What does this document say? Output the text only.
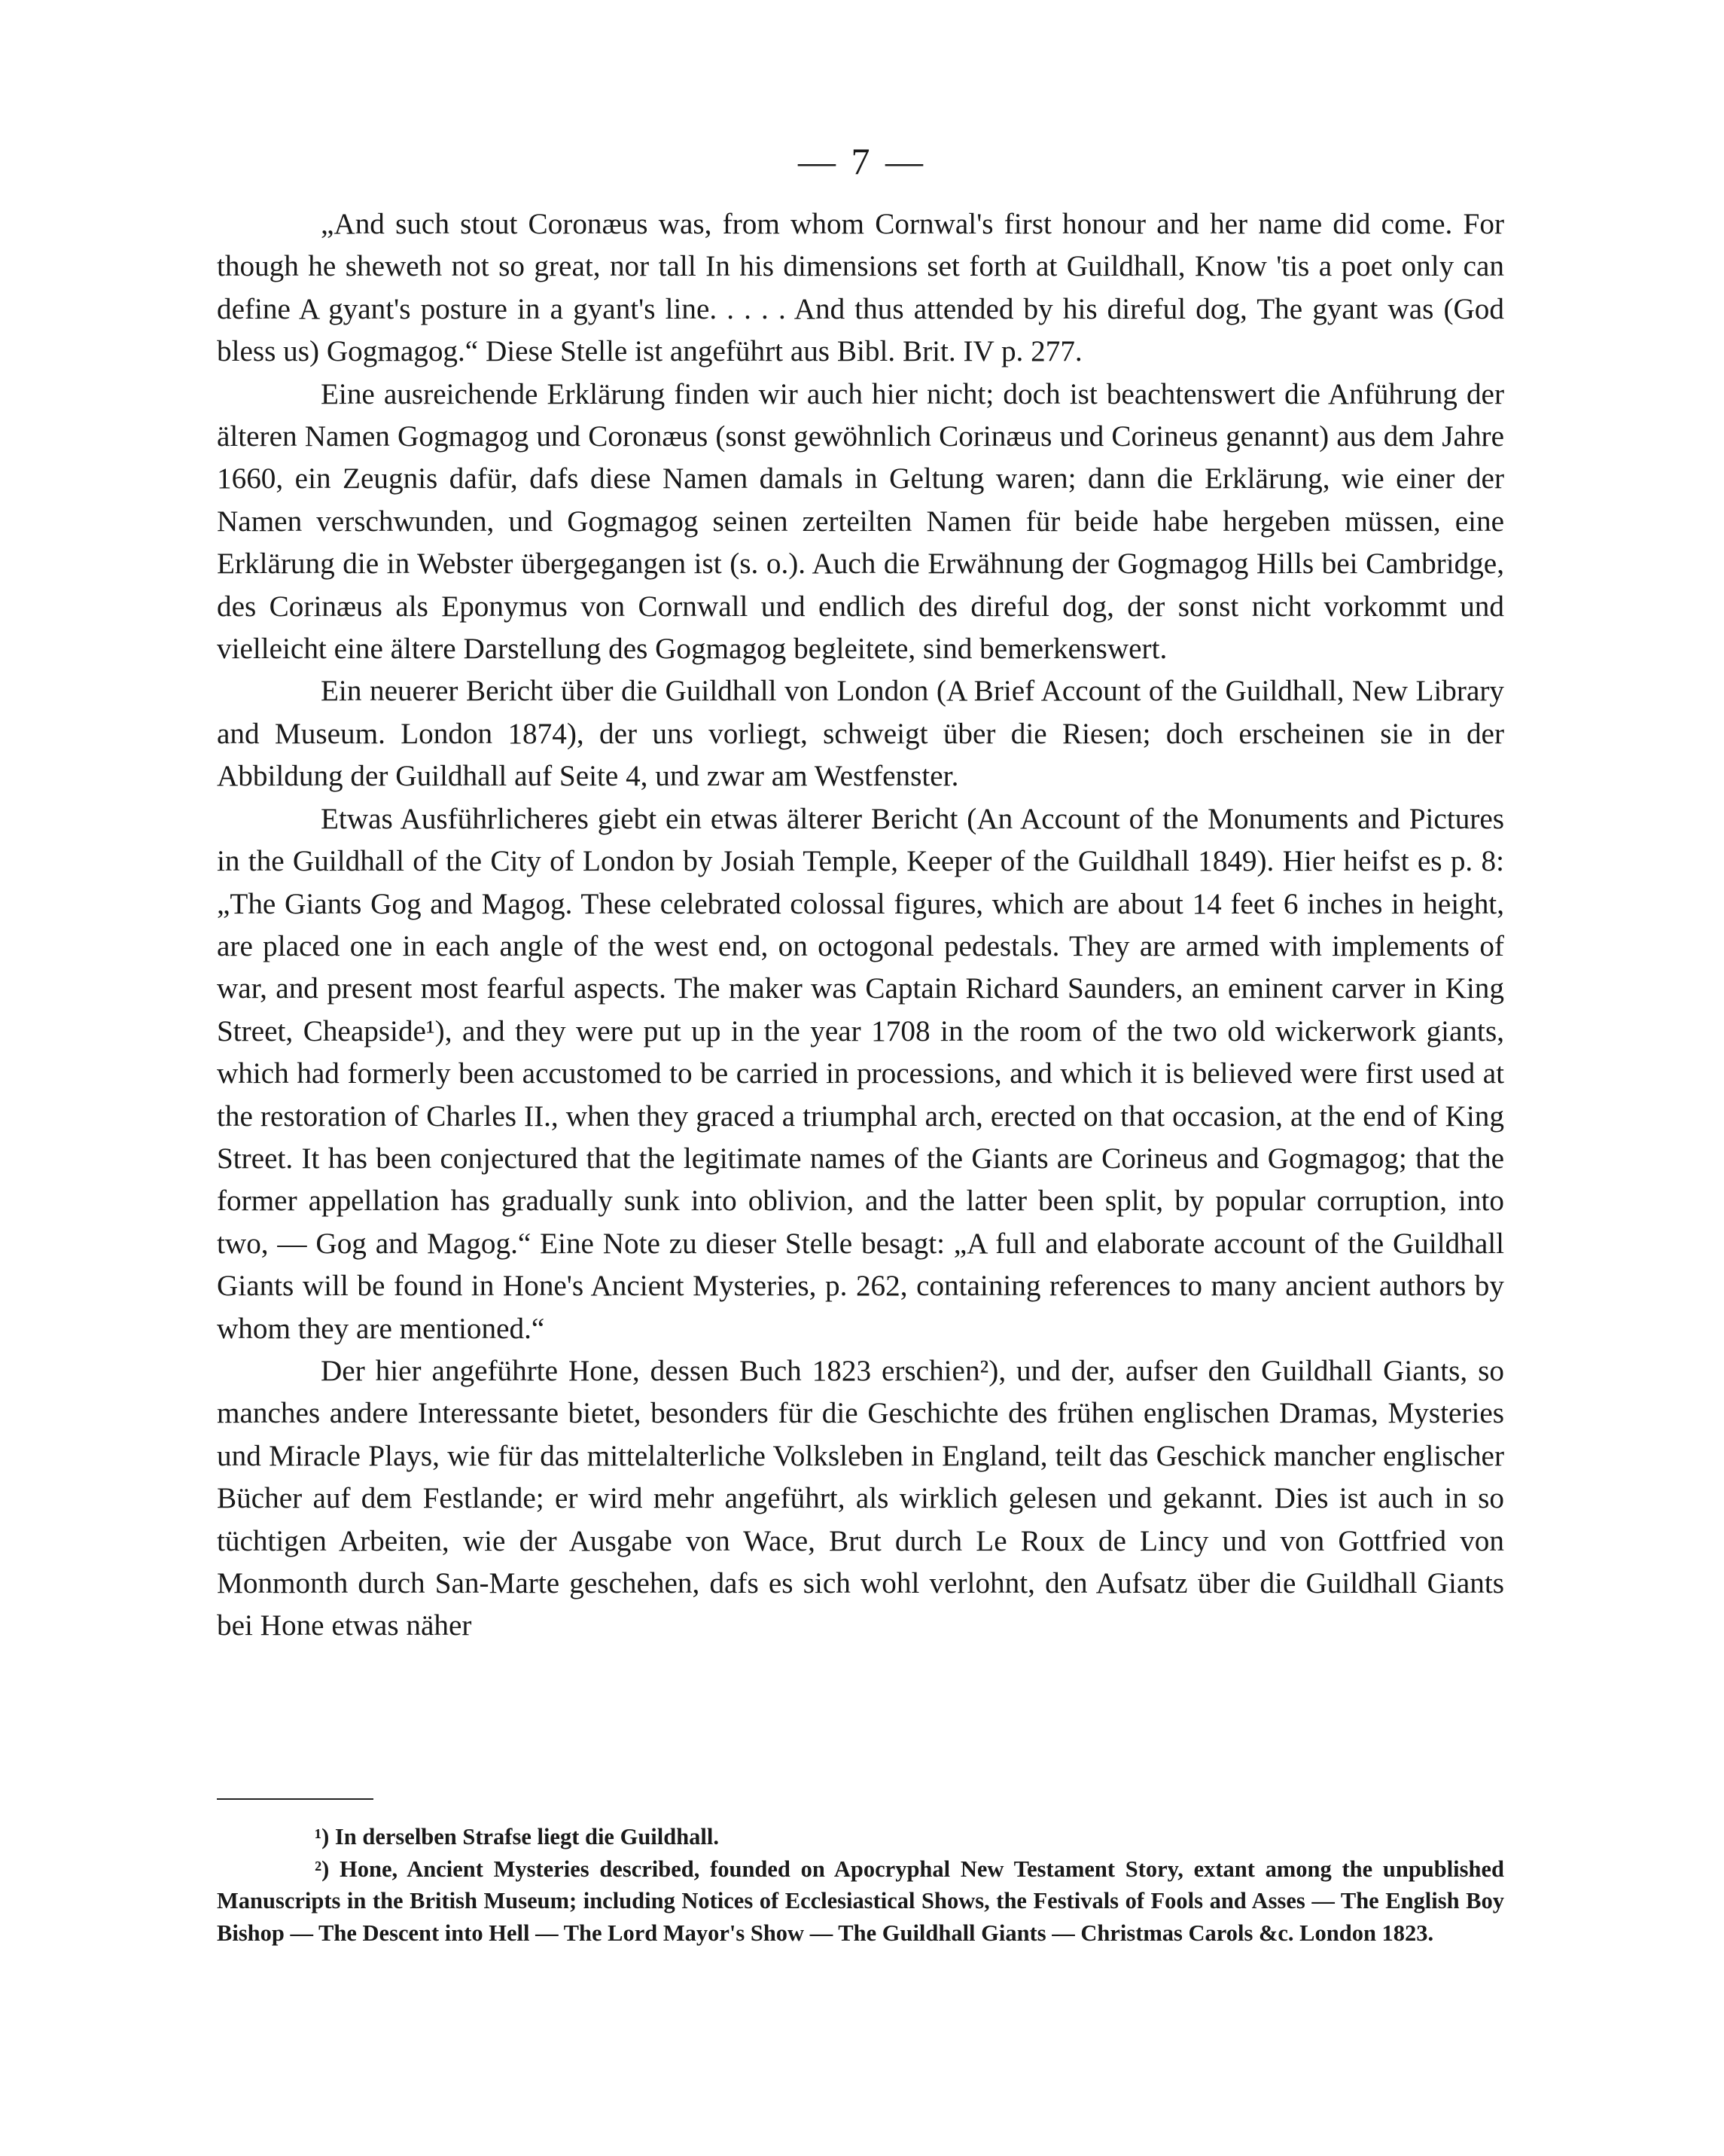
— 7 —

„And such stout Coronæus was, from whom Cornwal's first honour and her name did come. For though he sheweth not so great, nor tall In his dimensions set forth at Guildhall, Know 'tis a poet only can define A gyant's posture in a gyant's line. . . . . And thus attended by his direful dog, The gyant was (God bless us) Gogmagog.“ Diese Stelle ist angeführt aus Bibl. Brit. IV p. 277.

Eine ausreichende Erklärung finden wir auch hier nicht; doch ist beachtenswert die Anführung der älteren Namen Gogmagog und Coronæus (sonst gewöhnlich Corinæus und Corineus genannt) aus dem Jahre 1660, ein Zeugnis dafür, dafs diese Namen damals in Geltung waren; dann die Erklärung, wie einer der Namen verschwunden, und Gogmagog seinen zerteilten Namen für beide habe hergeben müssen, eine Erklärung die in Webster übergegangen ist (s. o.). Auch die Erwähnung der Gogmagog Hills bei Cambridge, des Corinæus als Eponymus von Cornwall und endlich des direful dog, der sonst nicht vorkommt und vielleicht eine ältere Darstellung des Gogmagog begleitete, sind bemerkenswert.

Ein neuerer Bericht über die Guildhall von London (A Brief Account of the Guildhall, New Library and Museum. London 1874), der uns vorliegt, schweigt über die Riesen; doch erscheinen sie in der Abbildung der Guildhall auf Seite 4, und zwar am Westfenster.

Etwas Ausführlicheres giebt ein etwas älterer Bericht (An Account of the Monuments and Pictures in the Guildhall of the City of London by Josiah Temple, Keeper of the Guildhall 1849). Hier heifst es p. 8: „The Giants Gog and Magog. These celebrated colossal figures, which are about 14 feet 6 inches in height, are placed one in each angle of the west end, on octogonal pedestals. They are armed with implements of war, and present most fearful aspects. The maker was Captain Richard Saunders, an eminent carver in King Street, Cheapside¹), and they were put up in the year 1708 in the room of the two old wickerwork giants, which had formerly been accustomed to be carried in processions, and which it is believed were first used at the restoration of Charles II., when they graced a triumphal arch, erected on that occasion, at the end of King Street. It has been conjectured that the legitimate names of the Giants are Corineus and Gogmagog; that the former appellation has gradually sunk into oblivion, and the latter been split, by popular corruption, into two, — Gog and Magog.“ Eine Note zu dieser Stelle besagt: „A full and elaborate account of the Guildhall Giants will be found in Hone's Ancient Mysteries, p. 262, containing references to many ancient authors by whom they are mentioned.“

Der hier angeführte Hone, dessen Buch 1823 erschien²), und der, aufser den Guildhall Giants, so manches andere Interessante bietet, besonders für die Geschichte des frühen englischen Dramas, Mysteries und Miracle Plays, wie für das mittelalterliche Volksleben in England, teilt das Geschick mancher englischer Bücher auf dem Festlande; er wird mehr angeführt, als wirklich gelesen und gekannt. Dies ist auch in so tüchtigen Arbeiten, wie der Ausgabe von Wace, Brut durch Le Roux de Lincy und von Gottfried von Monmonth durch San-Marte geschehen, dafs es sich wohl verlohnt, den Aufsatz über die Guildhall Giants bei Hone etwas näher

¹) In derselben Strafse liegt die Guildhall.

²) Hone, Ancient Mysteries described, founded on Apocryphal New Testament Story, extant among the unpublished Manuscripts in the British Museum; including Notices of Ecclesiastical Shows, the Festivals of Fools and Asses — The English Boy Bishop — The Descent into Hell — The Lord Mayor's Show — The Guildhall Giants — Christmas Carols &c. London 1823.
